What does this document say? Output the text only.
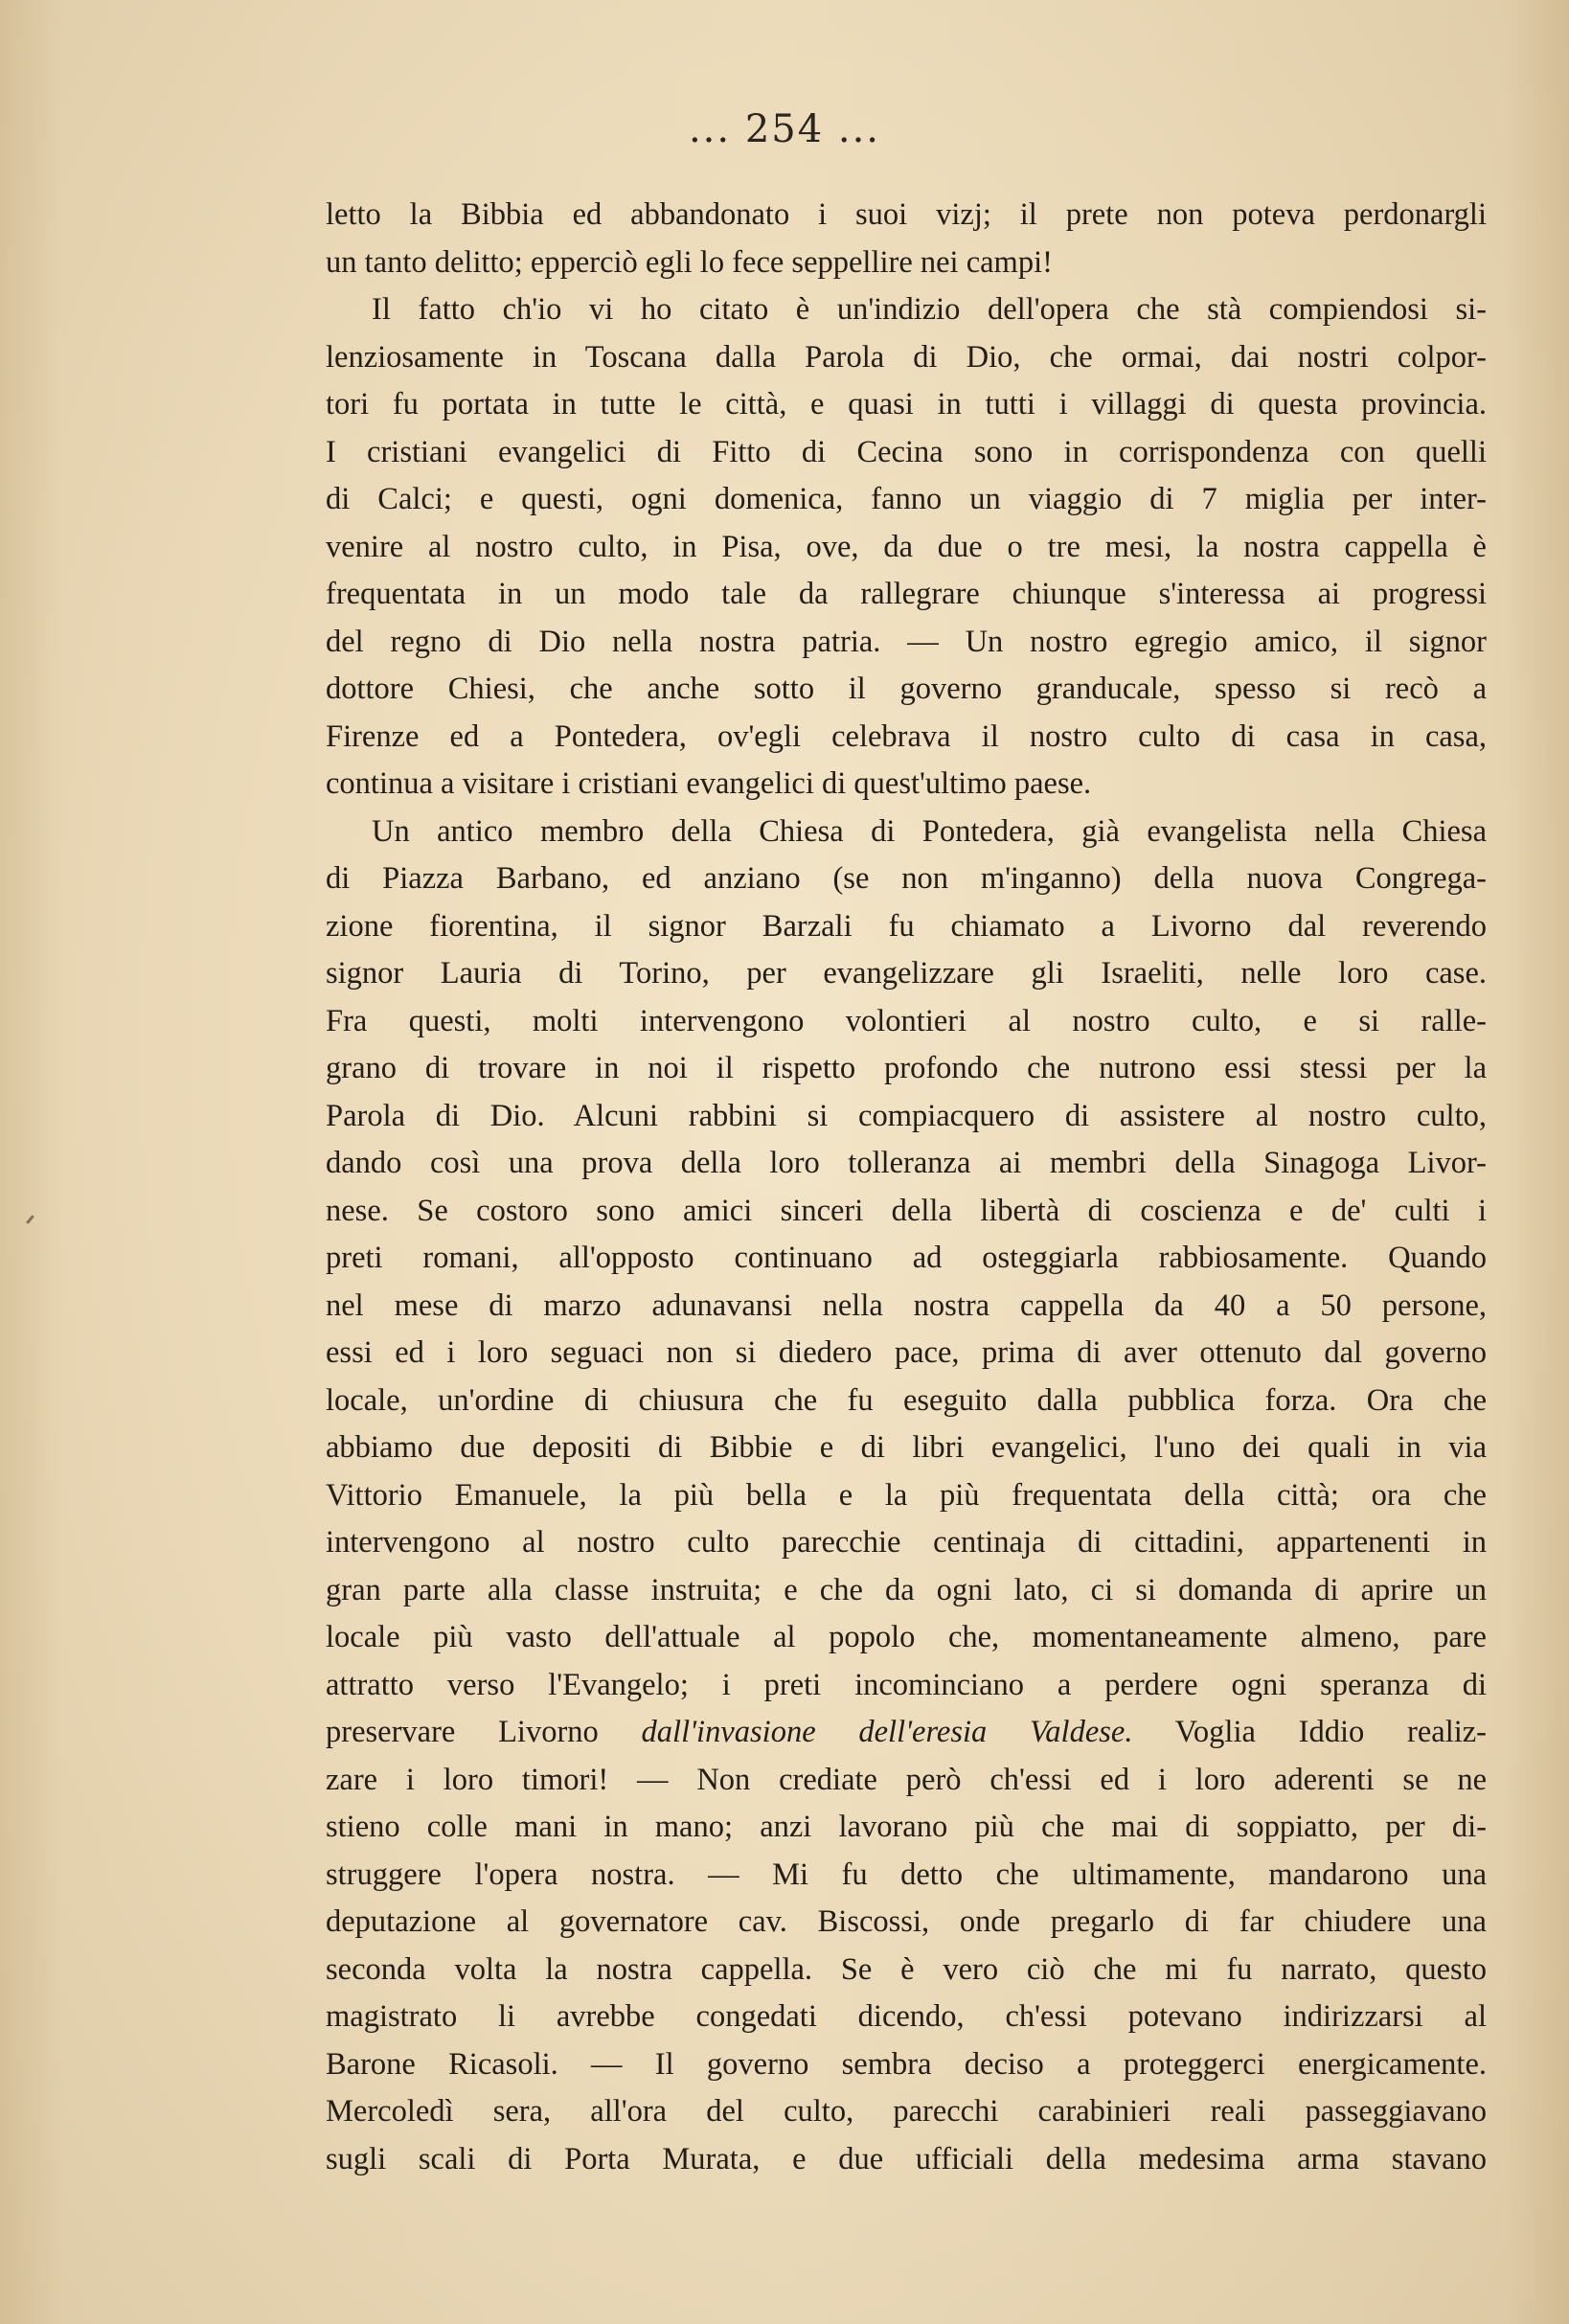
... 254 ...
letto la Bibbia ed abbandonato i suoi vizj; il prete non poteva perdonargli
un tanto delitto; epperciò egli lo fece seppellire nei campi!
Il fatto ch'io vi ho citato è un'indizio dell'opera che stà compiendosi si-
lenziosamente in Toscana dalla Parola di Dio, che ormai, dai nostri colpor-
tori fu portata in tutte le città, e quasi in tutti i villaggi di questa provincia.
I cristiani evangelici di Fitto di Cecina sono in corrispondenza con quelli
di Calci; e questi, ogni domenica, fanno un viaggio di 7 miglia per inter-
venire al nostro culto, in Pisa, ove, da due o tre mesi, la nostra cappella è
frequentata in un modo tale da rallegrare chiunque s'interessa ai progressi
del regno di Dio nella nostra patria. — Un nostro egregio amico, il signor
dottore Chiesi, che anche sotto il governo granducale, spesso si recò a
Firenze ed a Pontedera, ov'egli celebrava il nostro culto di casa in casa,
continua a visitare i cristiani evangelici di quest'ultimo paese.
Un antico membro della Chiesa di Pontedera, già evangelista nella Chiesa
di Piazza Barbano, ed anziano (se non m'inganno) della nuova Congrega-
zione fiorentina, il signor Barzali fu chiamato a Livorno dal reverendo
signor Lauria di Torino, per evangelizzare gli Israeliti, nelle loro case.
Fra questi, molti intervengono volontieri al nostro culto, e si ralle-
grano di trovare in noi il rispetto profondo che nutrono essi stessi per la
Parola di Dio. Alcuni rabbini si compiacquero di assistere al nostro culto,
dando così una prova della loro tolleranza ai membri della Sinagoga Livor-
nese. Se costoro sono amici sinceri della libertà di coscienza e de' culti i
preti romani, all'opposto continuano ad osteggiarla rabbiosamente. Quando
nel mese di marzo adunavansi nella nostra cappella da 40 a 50 persone,
essi ed i loro seguaci non si diedero pace, prima di aver ottenuto dal governo
locale, un'ordine di chiusura che fu eseguito dalla pubblica forza. Ora che
abbiamo due depositi di Bibbie e di libri evangelici, l'uno dei quali in via
Vittorio Emanuele, la più bella e la più frequentata della città; ora che
intervengono al nostro culto parecchie centinaja di cittadini, appartenenti in
gran parte alla classe instruita; e che da ogni lato, ci si domanda di aprire un
locale più vasto dell'attuale al popolo che, momentaneamente almeno, pare
attratto verso l'Evangelo; i preti incominciano a perdere ogni speranza di
preservare Livorno dall'invasione dell'eresia Valdese. Voglia Iddio realiz-
zare i loro timori! — Non crediate però ch'essi ed i loro aderenti se ne
stieno colle mani in mano; anzi lavorano più che mai di soppiatto, per di-
struggere l'opera nostra. — Mi fu detto che ultimamente, mandarono una
deputazione al governatore cav. Biscossi, onde pregarlo di far chiudere una
seconda volta la nostra cappella. Se è vero ciò che mi fu narrato, questo
magistrato li avrebbe congedati dicendo, ch'essi potevano indirizzarsi al
Barone Ricasoli. — Il governo sembra deciso a proteggerci energicamente.
Mercoledì sera, all'ora del culto, parecchi carabinieri reali passeggiavano
sugli scali di Porta Murata, e due ufficiali della medesima arma stavano
